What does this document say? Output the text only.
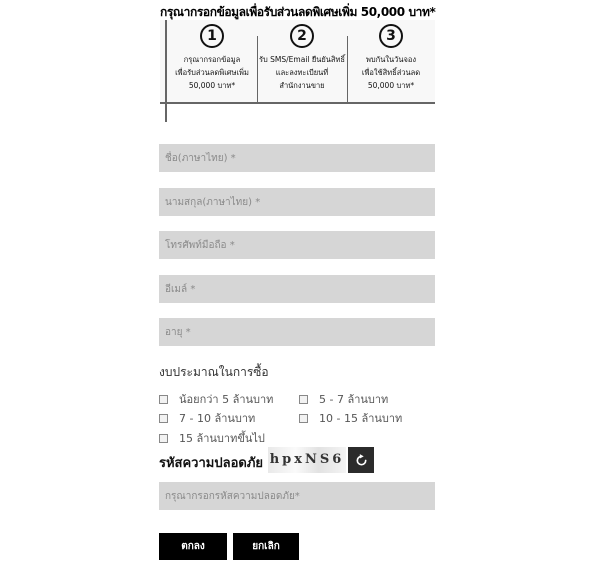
กรุณากรอกข้อมูลเพื่อรับส่วนลดพิเศษเพิ่ม 50,000 บาท*
1
กรุณากรอกข้อมูล
เพื่อรับส่วนลดพิเศษเพิ่ม
50,000 บาท*
2
รับ SMS/Email ยืนยันสิทธิ์
และลงทะเบียนที่
สำนักงานขาย
3
พบกันในวันจอง
เพื่อใช้สิทธิ์ส่วนลด
50,000 บาท*
ชื่อ(ภาษาไทย) *
นามสกุล(ภาษาไทย) *
โทรศัพท์มือถือ *
อีเมล์ *
อายุ *
งบประมาณในการซื้อ
น้อยกว่า 5 ล้านบาท	5 - 7 ล้านบาท
7 - 10 ล้านบาท	10 - 15 ล้านบาท
15 ล้านบาทขึ้นไป
รหัสความปลอดภัย hpxNS6
กรุณากรอกรหัสความปลอดภัย*
ตกลง	ยกเลิก
